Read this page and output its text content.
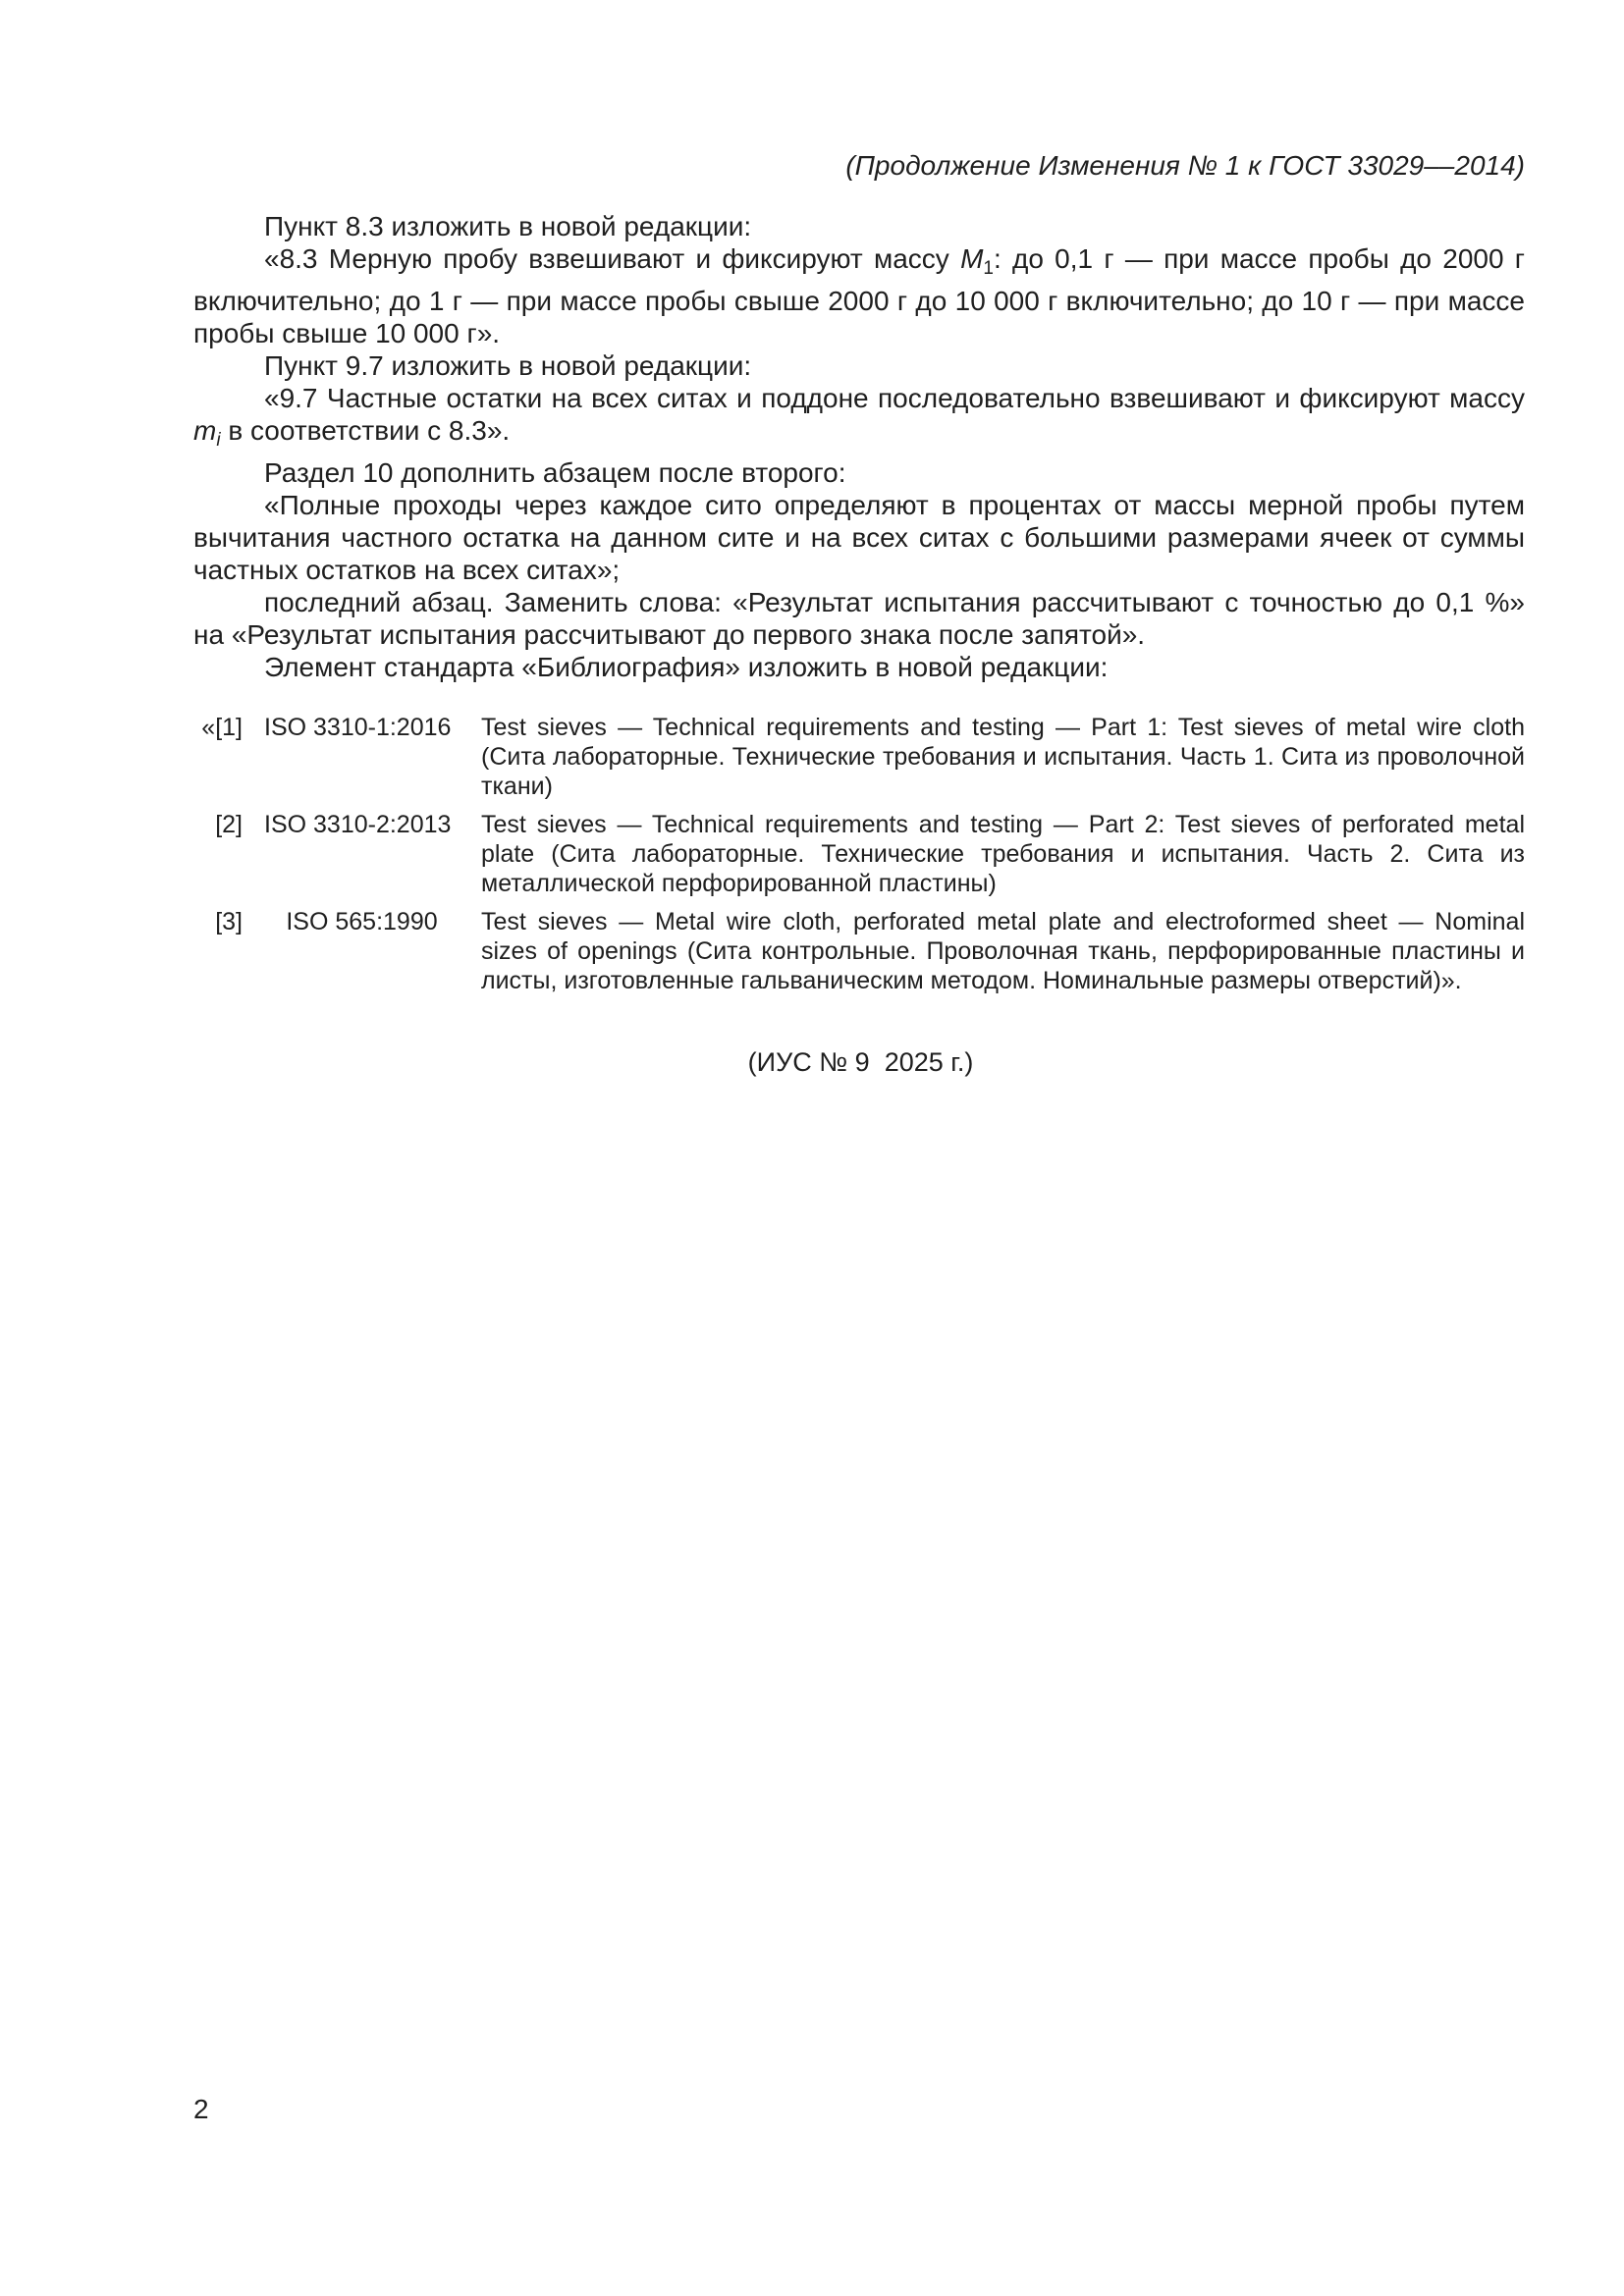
(Продолжение Изменения № 1 к ГОСТ 33029––2014)

Пункт 8.3 изложить в новой редакции:

«8.3 Мерную пробу взвешивают и фиксируют массу $M_1$: до 0,1 г — при массе пробы до 2000 г включительно; до 1 г — при массе пробы свыше 2000 г до 10 000 г включительно; до 10 г — при массе пробы свыше 10 000 г».

Пункт 9.7 изложить в новой редакции:

«9.7 Частные остатки на всех ситах и поддоне последовательно взвешивают и фиксируют массу $m_i$ в соответствии с 8.3».

Раздел 10 дополнить абзацем после второго:

«Полные проходы через каждое сито определяют в процентах от массы мерной пробы путем вычитания частного остатка на данном сите и на всех ситах с большими размерами ячеек от суммы частных остатков на всех ситах»;

последний абзац. Заменить слова: «Результат испытания рассчитывают с точностью до 0,1 %» на «Результат испытания рассчитывают до первого знака после запятой».

Элемент стандарта «Библиография» изложить в новой редакции:

«[1] ISO 3310-1:2016	Test sieves — Technical requirements and testing — Part 1: Test sieves of metal wire cloth (Сита лабораторные. Технические требования и испытания. Часть 1. Сита из проволочной ткани)
[2] ISO 3310-2:2013	Test sieves — Technical requirements and testing — Part 2: Test sieves of perforated metal plate (Сита лабораторные. Технические требования и испытания. Часть 2. Сита из металлической перфорированной пластины)
[3]	ISO 565:1990	Test sieves — Metal wire cloth, perforated metal plate and electroformed sheet — Nominal sizes of openings (Сита контрольные. Проволочная ткань, перфорированные пластины и листы, изготовленные гальваническим методом. Номинальные размеры отверстий)».
(ИУС № 9  2025 г.)
2
